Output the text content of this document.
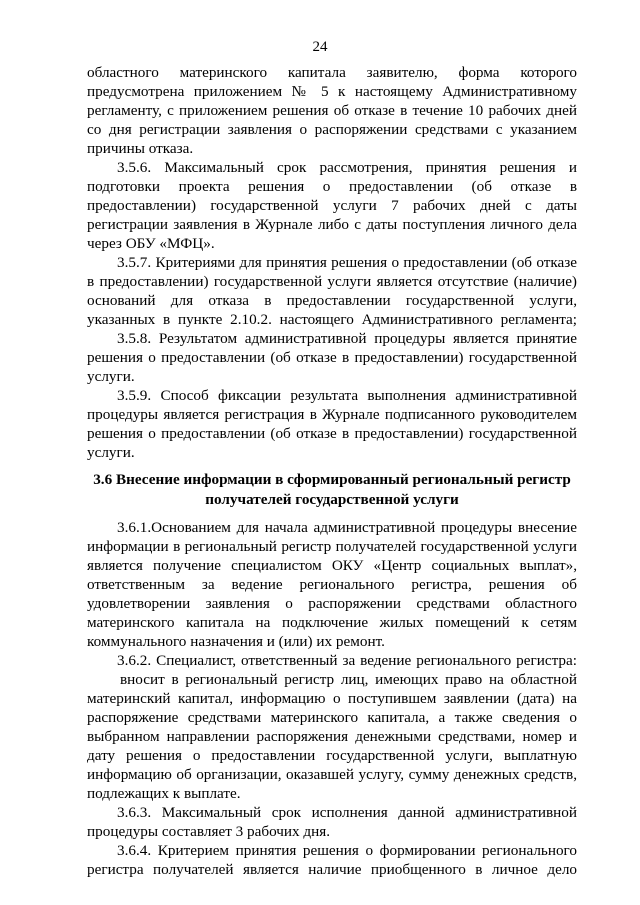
24
областного материнского капитала заявителю, форма которого
предусмотрена приложением № 5 к настоящему Административному
регламенту, с приложением решения об отказе в течение 10 рабочих дней
со дня регистрации заявления о распоряжении средствами с указанием
причины отказа.
3.5.6. Максимальный срок рассмотрения, принятия решения и
подготовки проекта решения о предоставлении (об отказе в
предоставлении) государственной услуги 7 рабочих дней с даты
регистрации заявления в Журнале либо с даты поступления личного дела
через ОБУ «МФЦ».
3.5.7. Критериями для принятия решения о предоставлении (об отказе
в предоставлении) государственной услуги является отсутствие (наличие)
оснований для отказа в предоставлении государственной услуги,
указанных в пункте 2.10.2. настоящего Административного регламента;
3.5.8. Результатом административной процедуры является принятие
решения о предоставлении (об отказе в предоставлении) государственной
услуги.
3.5.9. Способ фиксации результата выполнения административной
процедуры является регистрация в Журнале подписанного руководителем
решения о предоставлении (об отказе в предоставлении) государственной
услуги.
3.6 Внесение информации в сформированный региональный регистр
получателей государственной услуги
3.6.1.Основанием для начала административной процедуры внесение
информации в региональный регистр получателей государственной услуги
является получение специалистом ОКУ «Центр социальных выплат»,
ответственным за ведение регионального регистра, решения об
удовлетворении заявления о распоряжении средствами областного
материнского капитала на подключение жилых помещений к сетям
коммунального назначения и (или) их ремонт.
3.6.2. Специалист, ответственный за ведение регионального регистра:
вносит в региональный регистр лиц, имеющих право на областной
материнский капитал, информацию о поступившем заявлении (дата) на
распоряжение средствами материнского капитала, а также сведения о
выбранном направлении распоряжения денежными средствами, номер и
дату решения о предоставлении государственной услуги, выплатную
информацию об организации, оказавшей услугу, сумму денежных средств,
подлежащих к выплате.
3.6.3. Максимальный срок исполнения данной административной
процедуры составляет 3 рабочих дня.
3.6.4. Критерием принятия решения о формировании регионального
регистра получателей является наличие приобщенного в личное дело
